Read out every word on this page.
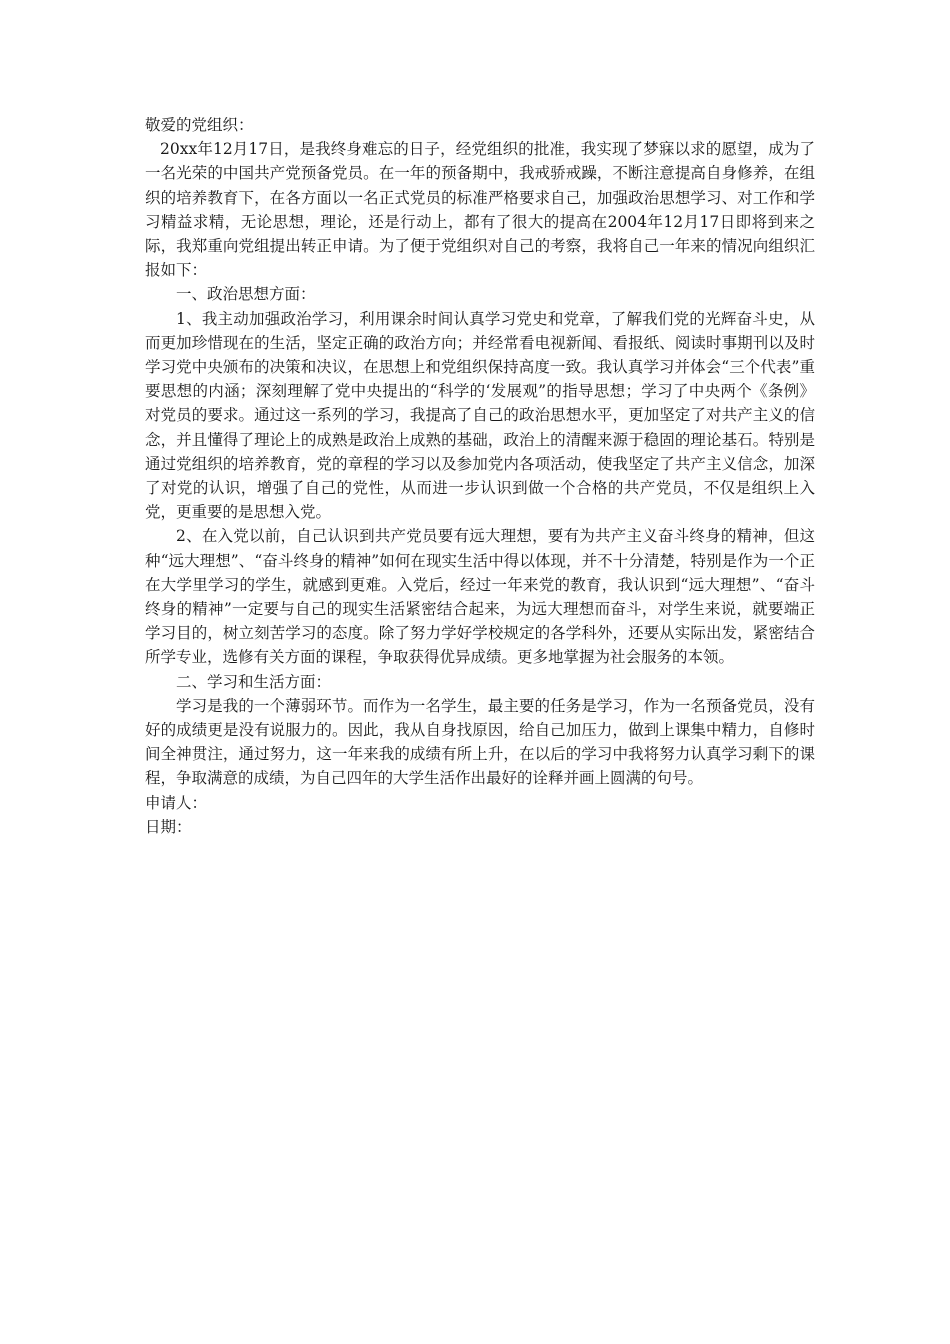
敬爱的党组织：

20xx年12月17日，是我终身难忘的日子，经党组织的批准，我实现了梦寐以求的愿望，成为了一名光荣的中国共产党预备党员。在一年的预备期中，我戒骄戒躁，不断注意提高自身修养，在组织的培养教育下，在各方面以一名正式党员的标准严格要求自己，加强政治思想学习、对工作和学习精益求精，无论思想，理论，还是行动上，都有了很大的提高在2004年12月17日即将到来之际，我郑重向党组提出转正申请。为了便于党组织对自己的考察，我将自己一年来的情况向组织汇报如下：

一、政治思想方面：

1、我主动加强政治学习，利用课余时间认真学习党史和党章，了解我们党的光辉奋斗史，从而更加珍惜现在的生活，坚定正确的政治方向；并经常看电视新闻、看报纸、阅读时事期刊以及时学习党中央颁布的决策和决议，在思想上和党组织保持高度一致。我认真学习并体会“三个代表”重要思想的内涵；深刻理解了党中央提出的“科学的‘发展观”的指导思想；学习了中央两个《条例》对党员的要求。通过这一系列的学习，我提高了自己的政治思想水平，更加坚定了对共产主义的信念，并且懂得了理论上的成熟是政治上成熟的基础，政治上的清醒来源于稳固的理论基石。特别是通过党组织的培养教育，党的章程的学习以及参加党内各项活动，使我坚定了共产主义信念，加深了对党的认识，增强了自己的党性，从而进一步认识到做一个合格的共产党员，不仅是组织上入党，更重要的是思想入党。

2、在入党以前，自己认识到共产党员要有远大理想，要有为共产主义奋斗终身的精神，但这种“远大理想”、“奋斗终身的精神”如何在现实生活中得以体现，并不十分清楚，特别是作为一个正在大学里学习的学生，就感到更难。入党后，经过一年来党的教育，我认识到“远大理想”、“奋斗终身的精神”一定要与自己的现实生活紧密结合起来，为远大理想而奋斗，对学生来说，就要端正学习目的，树立刻苦学习的态度。除了努力学好学校规定的各学科外，还要从实际出发，紧密结合所学专业，选修有关方面的课程，争取获得优异成绩。更多地掌握为社会服务的本领。

二、学习和生活方面：

学习是我的一个薄弱环节。而作为一名学生，最主要的任务是学习，作为一名预备党员，没有好的成绩更是没有说服力的。因此，我从自身找原因，给自己加压力，做到上课集中精力，自修时间全神贯注，通过努力，这一年来我的成绩有所上升，在以后的学习中我将努力认真学习剩下的课程，争取满意的成绩，为自己四年的大学生活作出最好的诠释并画上圆满的句号。

申请人：

日期：
